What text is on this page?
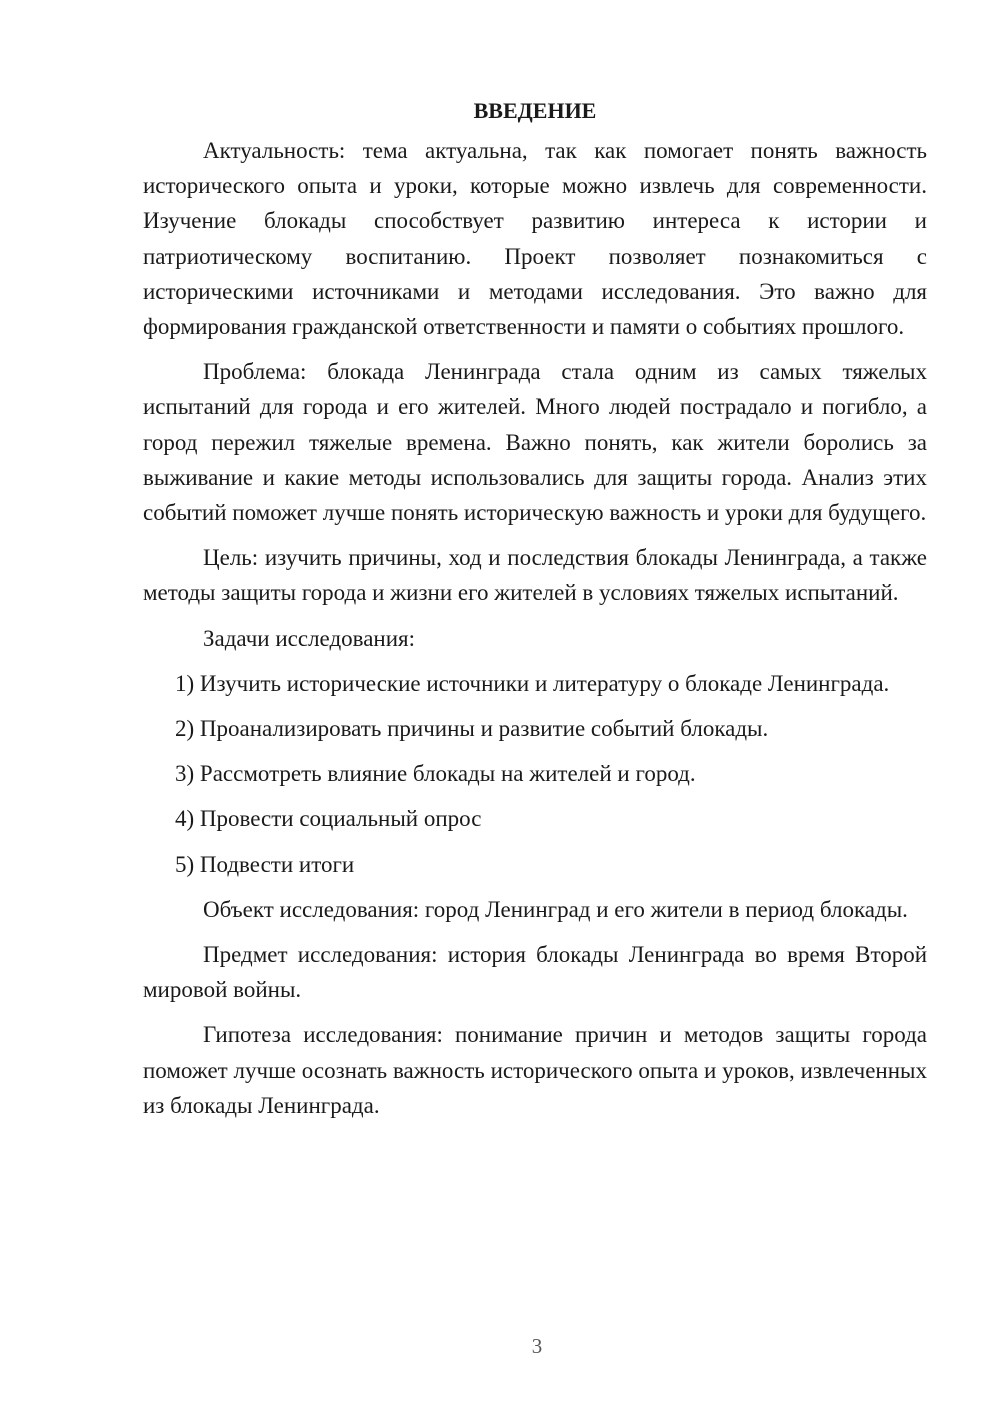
ВВЕДЕНИЕ

Актуальность: тема актуальна, так как помогает понять важность исторического опыта и уроки, которые можно извлечь для современности. Изучение блокады способствует развитию интереса к истории и патриотическому воспитанию. Проект позволяет познакомиться с историческими источниками и методами исследования. Это важно для формирования гражданской ответственности и памяти о событиях прошлого.

Проблема: блокада Ленинграда стала одним из самых тяжелых испытаний для города и его жителей. Много людей пострадало и погибло, а город пережил тяжелые времена. Важно понять, как жители боролись за выживание и какие методы использовались для защиты города. Анализ этих событий поможет лучше понять историческую важность и уроки для будущего.

Цель: изучить причины, ход и последствия блокады Ленинграда, а также методы защиты города и жизни его жителей в условиях тяжелых испытаний.

Задачи исследования:

1) Изучить исторические источники и литературу о блокаде Ленинграда.

2) Проанализировать причины и развитие событий блокады.

3) Рассмотреть влияние блокады на жителей и город.

4) Провести социальный опрос

5) Подвести итоги

Объект исследования: город Ленинград и его жители в период блокады.

Предмет исследования: история блокады Ленинграда во время Второй мировой войны.

Гипотеза исследования: понимание причин и методов защиты города поможет лучше осознать важность исторического опыта и уроков, извлеченных из блокады Ленинграда.

3
